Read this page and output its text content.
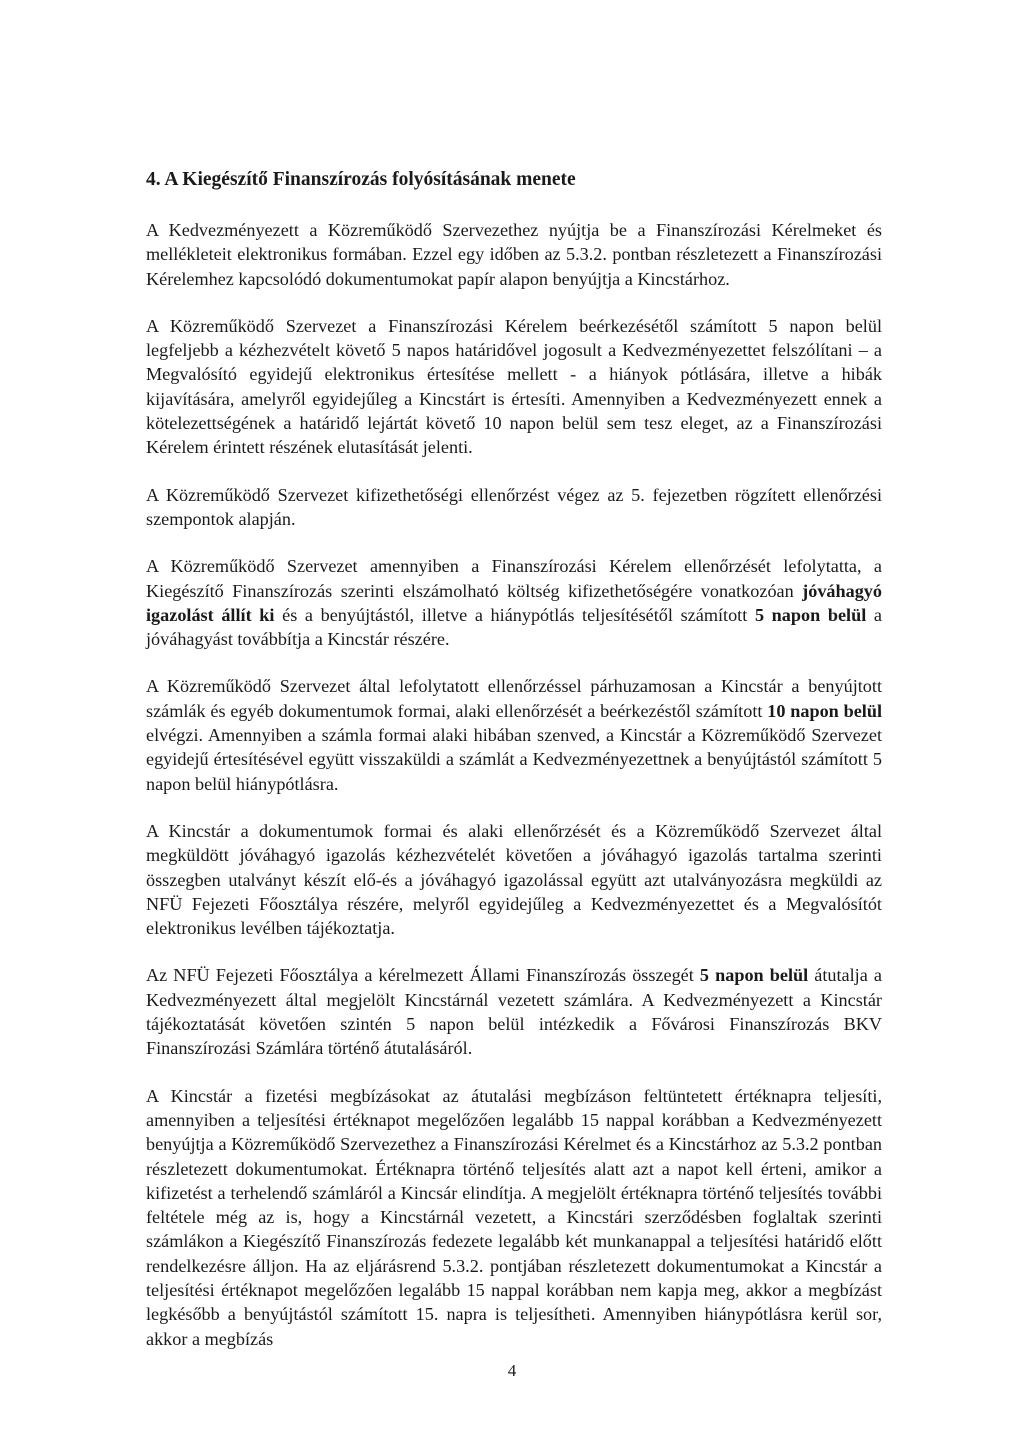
4. A Kiegészítő Finanszírozás folyósításának menete

A Kedvezményezett a Közreműködő Szervezethez nyújtja be a Finanszírozási Kérelmeket és mellékleteit elektronikus formában. Ezzel egy időben az 5.3.2. pontban részletezett a Finanszírozási Kérelemhez kapcsolódó dokumentumokat papír alapon benyújtja a Kincstárhoz.

A Közreműködő Szervezet a Finanszírozási Kérelem beérkezésétől számított 5 napon belül legfeljebb a kézhezvételt követő 5 napos határidővel jogosult a Kedvezményezettet felszólítani – a Megvalósító egyidejű elektronikus értesítése mellett - a hiányok pótlására, illetve a hibák kijavítására, amelyről egyidejűleg a Kincstárt is értesíti. Amennyiben a Kedvezményezett ennek a kötelezettségének a határidő lejártát követő 10 napon belül sem tesz eleget, az a Finanszírozási Kérelem érintett részének elutasítását jelenti.

A Közreműködő Szervezet kifizethetőségi ellenőrzést végez az 5. fejezetben rögzített ellenőrzési szempontok alapján.

A Közreműködő Szervezet amennyiben a Finanszírozási Kérelem ellenőrzését lefolytatta, a Kiegészítő Finanszírozás szerinti elszámolható költség kifizethetőségére vonatkozóan jóváhagyó igazolást állít ki és a benyújtástól, illetve a hiánypótlás teljesítésétől számított 5 napon belül a jóváhagyást továbbítja a Kincstár részére.

A Közreműködő Szervezet által lefolytatott ellenőrzéssel párhuzamosan a Kincstár a benyújtott számlák és egyéb dokumentumok formai, alaki ellenőrzését a beérkezéstől számított 10 napon belül elvégzi. Amennyiben a számla formai alaki hibában szenved, a Kincstár a Közreműködő Szervezet egyidejű értesítésével együtt visszaküldi a számlát a Kedvezményezettnek a benyújtástól számított 5 napon belül hiánypótlásra.

A Kincstár a dokumentumok formai és alaki ellenőrzését és a Közreműködő Szervezet által megküldött jóváhagyó igazolás kézhezvételét követően a jóváhagyó igazolás tartalma szerinti összegben utalványt készít elő-és a jóváhagyó igazolással együtt azt utalványozásra megküldi az NFÜ Fejezeti Főosztálya részére, melyről egyidejűleg a Kedvezményezettet és a Megvalósítót elektronikus levélben tájékoztatja.

Az NFÜ Fejezeti Főosztálya a kérelmezett Állami Finanszírozás összegét 5 napon belül átutalja a Kedvezményezett által megjelölt Kincstárnál vezetett számlára. A Kedvezményezett a Kincstár tájékoztatását követően szintén 5 napon belül intézkedik a Fővárosi Finanszírozás BKV Finanszírozási Számlára történő átutalásáról.

A Kincstár a fizetési megbízásokat az átutalási megbízáson feltüntetett értéknapra teljesíti, amennyiben a teljesítési értéknapot megelőzően legalább 15 nappal korábban a Kedvezményezett benyújtja a Közreműködő Szervezethez a Finanszírozási Kérelmet és a Kincstárhoz az 5.3.2 pontban részletezett dokumentumokat. Értéknapra történő teljesítés alatt azt a napot kell érteni, amikor a kifizetést a terhelendő számláról a Kincsár elindítja. A megjelölt értéknapra történő teljesítés további feltétele még az is, hogy a Kincstárnál vezetett, a Kincstári szerződésben foglaltak szerinti számlákon a Kiegészítő Finanszírozás fedezete legalább két munkanappal a teljesítési határidő előtt rendelkezésre álljon. Ha az eljárásrend 5.3.2. pontjában részletezett dokumentumokat a Kincstár a teljesítési értéknapot megelőzően legalább 15 nappal korábban nem kapja meg, akkor a megbízást legkésőbb a benyújtástól számított 15. napra is teljesítheti. Amennyiben hiánypótlásra kerül sor, akkor a megbízás

4
